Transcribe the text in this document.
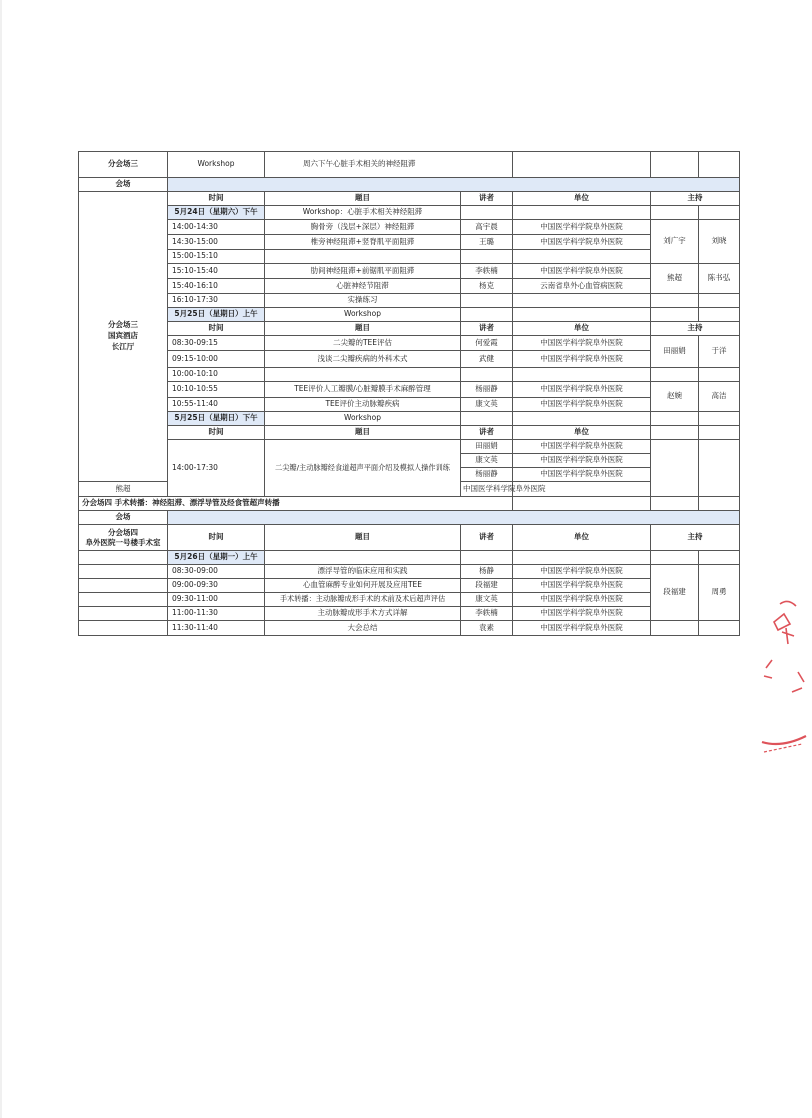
分会场三	Workshop	周六下午心脏手术相关的神经阻滞				
会场						

分会场三
国宾酒店
长江厅	时间	题目	讲者	单位	主持	
	5月24日（星期六）下午	Workshop：心脏手术相关神经阻滞				
	14:00-14:30	胸骨旁（浅层+深层）神经阻滞	高宇晨	中国医学科学院阜外医院	刘广宇	刘晓
	14:30-15:00	椎旁神经阻滞+竖脊肌平面阻滞	王璐	中国医学科学院阜外医院		
	15:00-15:10					
	15:10-15:40	肋间神经阻滞+前锯肌平面阻滞	李轶楠	中国医学科学院阜外医院	熊超	陈书弘
	15:40-16:10	心脏神经节阻滞	杨克	云南省阜外心血管病医院		
	16:10-17:30	实操练习				
	5月25日（星期日）上午	Workshop				
	时间	题目	讲者	单位	主持	
	08:30-09:15	二尖瓣的TEE评估	何爱霞	中国医学科学院阜外医院	田丽娟	于洋
	09:15-10:00	浅谈二尖瓣疾病的外科术式	武健	中国医学科学院阜外医院		
	10:00-10:10					
	10:10-10:55	TEE评价人工瓣膜/心脏瓣膜手术麻醉管理	杨丽静	中国医学科学院阜外医院	赵婉	高洁
	10:55-11:40	TEE评价主动脉瓣疾病	康文英	中国医学科学院阜外医院		
	5月25日（星期日）下午	Workshop				
	时间	题目	讲者	单位		
	14:00-17:30	二尖瓣/主动脉瓣经食道超声平面介绍及模拟人操作训练	田丽娟	中国医学科学院阜外医院		
			康文英	中国医学科学院阜外医院		
			杨丽静	中国医学科学院阜外医院		
熊超			中国医学科学院阜外医院			
分会场四 手术转播：神经阻滞、漂浮导管及经食管超声转播						
会场						

分会场四
阜外医院一号楼手术室	时间	题目	讲者	单位	主持	
	5月26日（星期一）上午					
	08:30-09:00	漂浮导管的临床应用和实践	杨静	中国医学科学院阜外医院	段福建	周勇
	09:00-09:30	心血管麻醉专业如何开展及应用TEE	段福建	中国医学科学院阜外医院		
	09:30-11:00	手术转播：主动脉瓣成形手术的术前及术后超声评估	康文英	中国医学科学院阜外医院		
	11:00-11:30	主动脉瓣成形手术方式详解	李轶楠	中国医学科学院阜外医院		
	11:30-11:40	大会总结	袁素	中国医学科学院阜外医院		
